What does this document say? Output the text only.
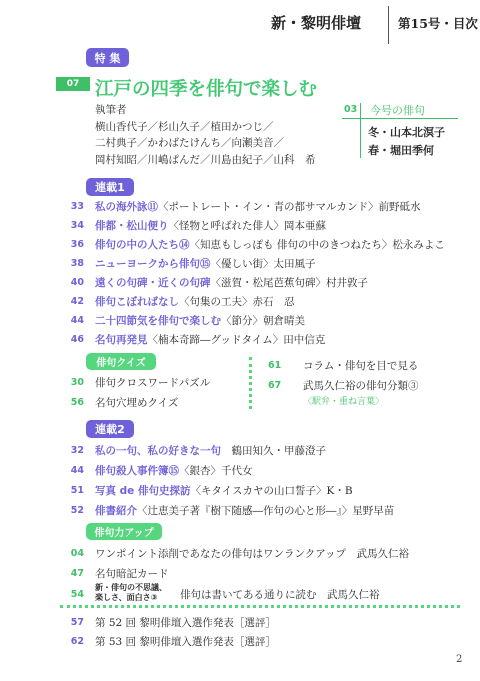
新・黎明俳壇	第15号・目次
特 集
07 江戸の四季を俳句で楽しむ
執筆者
横山香代子／杉山久子／植田かつじ／
二村典子／かわばたけんち／向瀬美音／
岡村知昭／川嶋ぱんだ／川島由紀子／山科　希
03 今号の俳句
冬・山本北溟子
春・堀田季何
連載1
33 私の海外詠⑪〈ポートレート・イン・青の都サマルカンド〉前野砥水
34 俳都・松山便り〈怪物と呼ばれた俳人〉岡本亜蘇
36 俳句の中の人たち⑭〈知恵もしっぽも 俳句の中のきつねたち〉松永みよこ
38 ニューヨークから俳句⑮〈優しい街〉太田風子
40 遠くの句碑・近くの句碑〈滋賀・松尾芭蕉句碑〉村井敦子
42 俳句こぼればなし〈句集の工夫〉赤石　忍
44 二十四節気を俳句で楽しむ〈節分〉朝倉晴美
46 名句再発見〈楠本奇蹄―グッドタイム〉田中信克
俳句クイズ
30 俳句クロスワードパズル
56 名句穴埋めクイズ
61 コラム・俳句を目で見る
67 武馬久仁裕の俳句分類③
〈駅弁・重ね言葉〉
連載2
32 私の一句、私の好きな一句　鶴田知久・甲藤澄子
44 俳句殺人事件簿⑮〈銀杏〉千代女
51 写真 de 俳句史探訪〈キタイスカヤの山口誓子〉K・B
52 俳書紹介〈辻恵美子著『樹下随感―作句の心と形―』〉星野早苗
俳句力アップ
04 ワンポイント添削であなたの俳句はワンランクアップ　武馬久仁裕
47 名句暗記カード
54
新・俳句の不思議、
楽しさ、面白さ③	俳句は書いてある通りに読む　武馬久仁裕
57 第 52 回 黎明俳壇入選作発表［選評］
62 第 53 回 黎明俳壇入選作発表［選評］
2
